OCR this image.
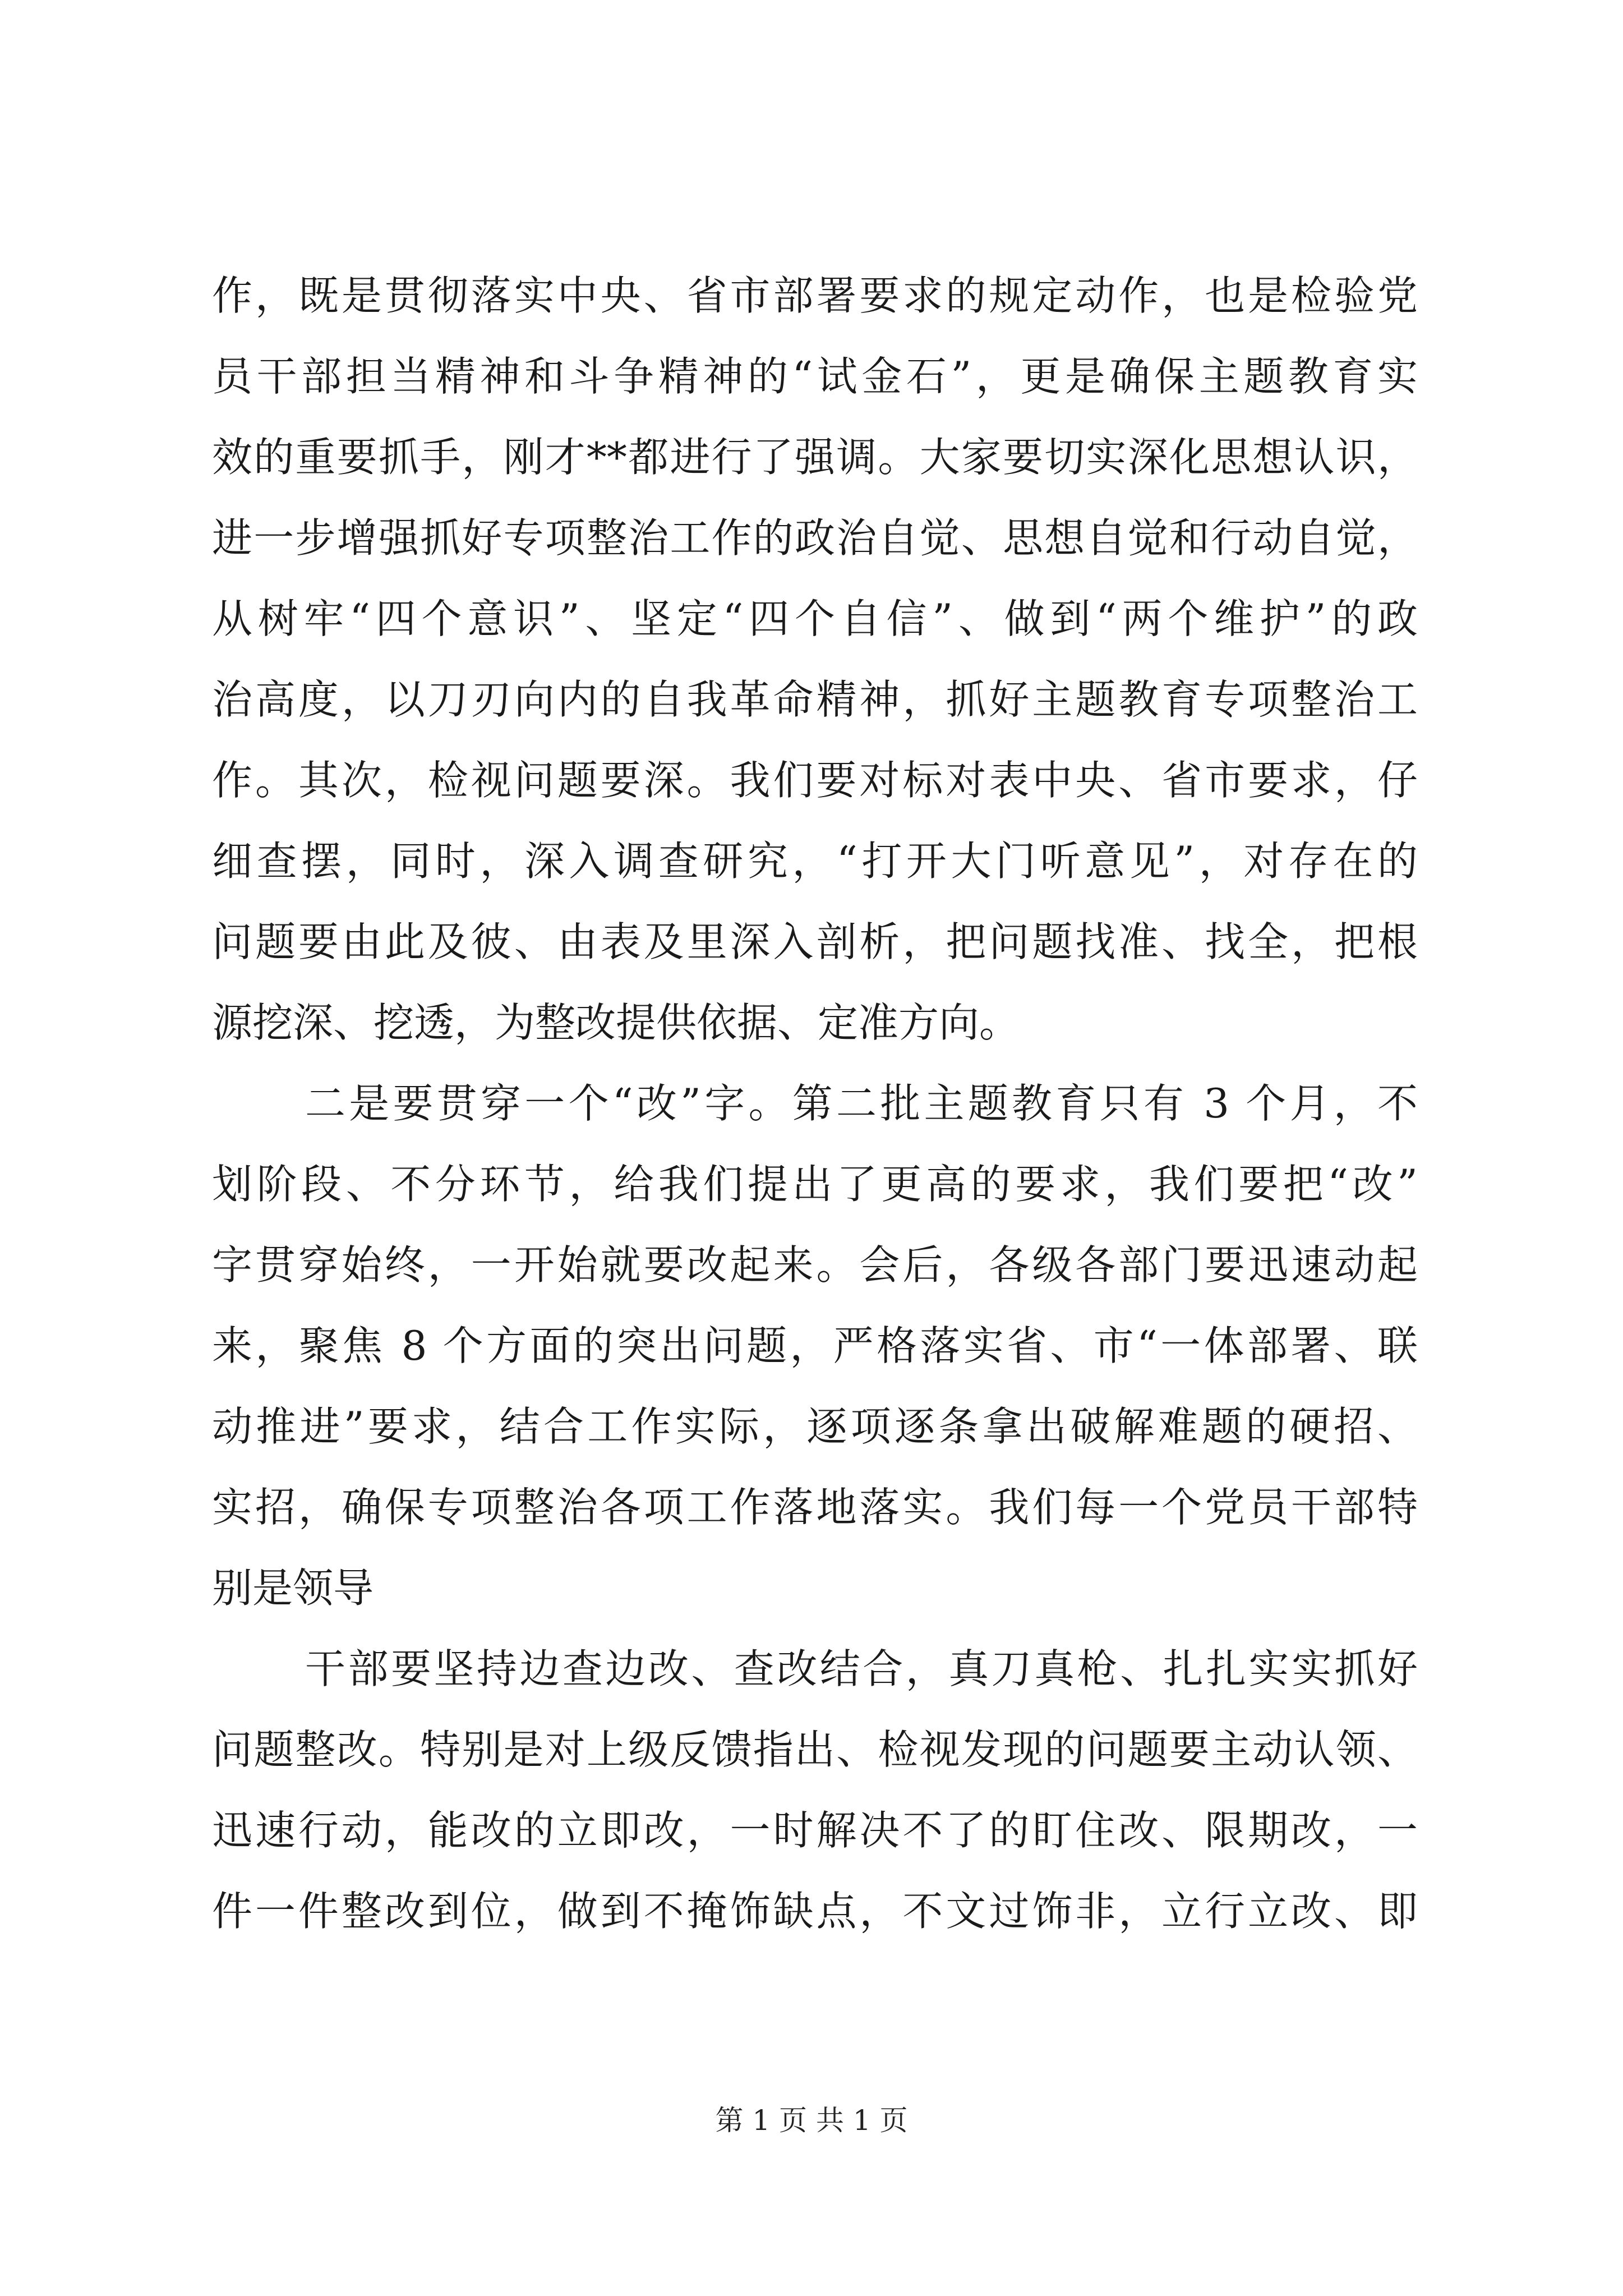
作，既是贯彻落实中央、省市部署要求的规定动作，也是检验党
员干部担当精神和斗争精神的“试金石”，更是确保主题教育实
效的重要抓手，刚才**都进行了强调。大家要切实深化思想认识，
进一步增强抓好专项整治工作的政治自觉、思想自觉和行动自觉，
从树牢“四个意识”、坚定“四个自信”、做到“两个维护”的政
治高度，以刀刃向内的自我革命精神，抓好主题教育专项整治工
作。其次，检视问题要深。我们要对标对表中央、省市要求，仔
细查摆，同时，深入调查研究，“打开大门听意见”，对存在的
问题要由此及彼、由表及里深入剖析，把问题找准、找全，把根
源挖深、挖透，为整改提供依据、定准方向。
二是要贯穿一个“改”字。第二批主题教育只有 3 个月，不
划阶段、不分环节，给我们提出了更高的要求，我们要把“改”
字贯穿始终，一开始就要改起来。会后，各级各部门要迅速动起
来，聚焦 8 个方面的突出问题，严格落实省、市“一体部署、联
动推进”要求，结合工作实际，逐项逐条拿出破解难题的硬招、
实招，确保专项整治各项工作落地落实。我们每一个党员干部特
别是领导
干部要坚持边查边改、查改结合，真刀真枪、扎扎实实抓好
问题整改。特别是对上级反馈指出、检视发现的问题要主动认领、
迅速行动，能改的立即改，一时解决不了的盯住改、限期改，一
件一件整改到位，做到不掩饰缺点，不文过饰非，立行立改、即
第 1 页 共 1 页
